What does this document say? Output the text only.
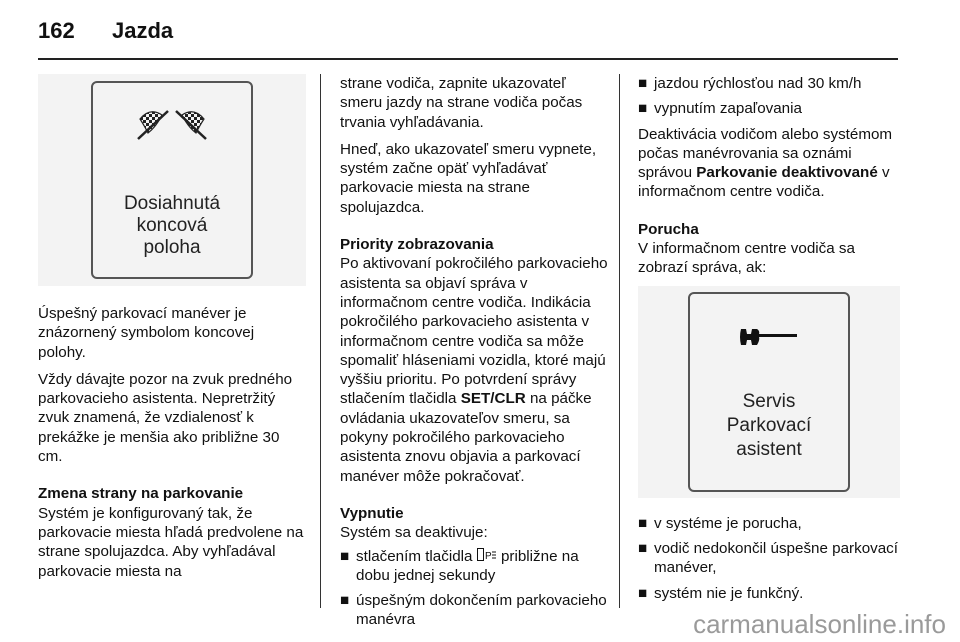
162 Jazda
Dosiahnutá
koncová
poloha

Úspešný parkovací manéver je znázornený symbolom koncovej polohy.

Vždy dávajte pozor na zvuk predného parkovacieho asistenta. Nepretržitý zvuk znamená, že vzdialenosť k prekážke je menšia ako približne 30 cm.

Zmena strany na parkovanie

Systém je konfigurovaný tak, že parkovacie miesta hľadá predvolene na strane spolujazdca. Aby vyhľadával parkovacie miesta na

strane vodiča, zapnite ukazovateľ smeru jazdy na strane vodiča počas trvania vyhľadávania.

Hneď, ako ukazovateľ smeru vypnete, systém začne opäť vyhľadávať parkovacie miesta na strane spolujazdca.

Priority zobrazovania

Po aktivovaní pokročilého parkovacieho asistenta sa objaví správa v informačnom centre vodiča. Indikácia pokročilého parkovacieho asistenta v informačnom centre vodiča sa môže spomaliť hláseniami vozidla, ktoré majú vyššiu prioritu. Po potvrdení správy stlačením tlačidla SET/CLR na páčke ovládania ukazovateľov smeru, sa pokyny pokročilého parkovacieho asistenta znovu objavia a parkovací manéver môže pokračovať.

Vypnutie

Systém sa deaktivuje:

■ stlačením tlačidla P približne na dobu jednej sekundy
■ úspešným dokončením parkovacieho manévra
■ jazdou rýchlosťou nad 30 km/h
■ vypnutím zapaľovania

Deaktivácia vodičom alebo systémom počas manévrovania sa oznámi správou Parkovanie deaktivované v informačnom centre vodiča.

Porucha

V informačnom centre vodiča sa zobrazí správa, ak:

Servis
Parkovací
asistent
■ v systéme je porucha,
■ vodič nedokončil úspešne parkovací manéver,
■ systém nie je funkčný.
carmanualsonline.info
